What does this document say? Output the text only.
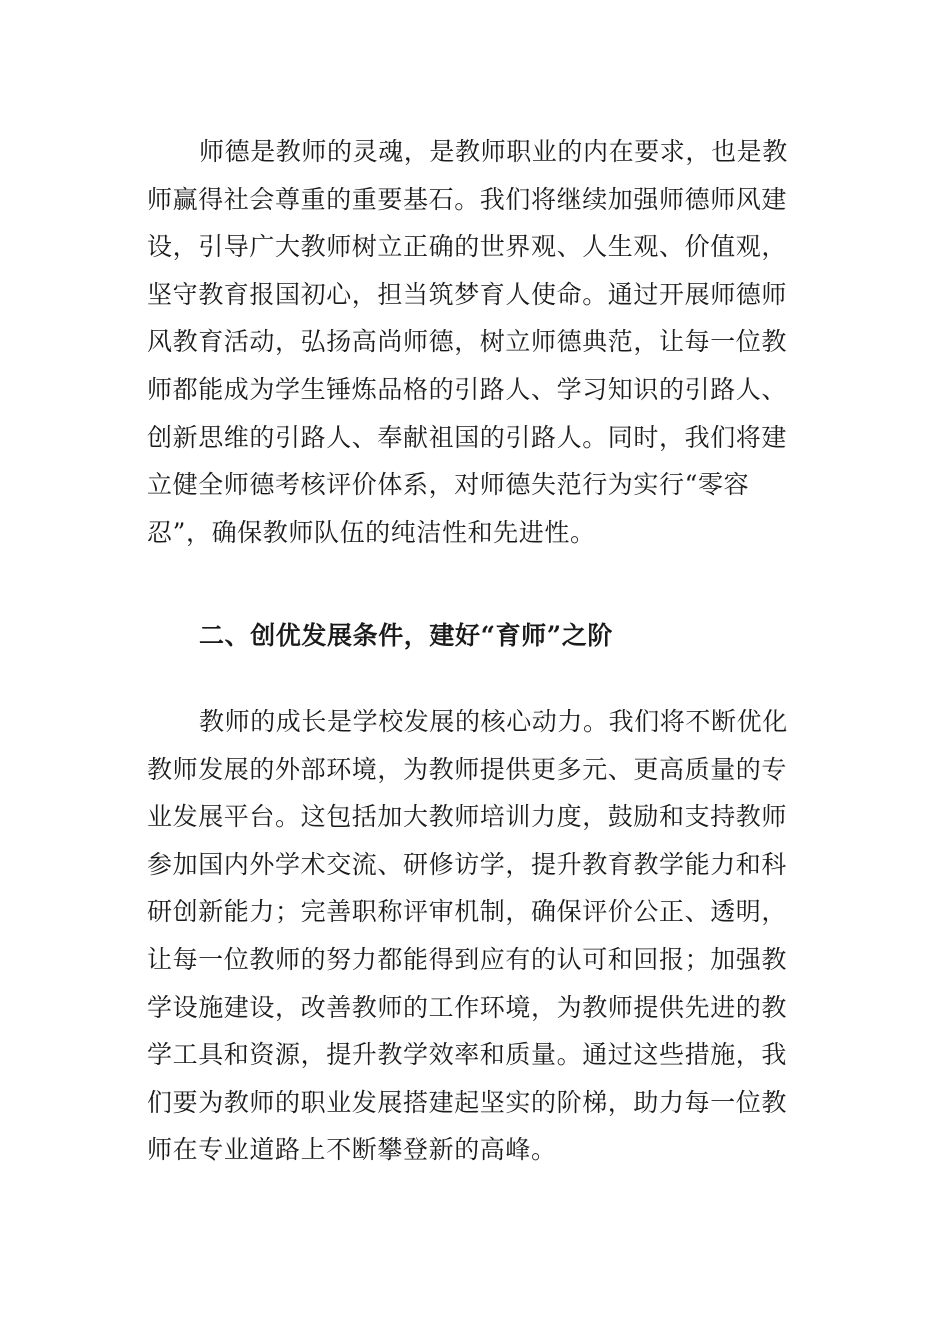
师德是教师的灵魂，是教师职业的内在要求，也是教
师赢得社会尊重的重要基石。我们将继续加强师德师风建
设，引导广大教师树立正确的世界观、人生观、价值观，
坚守教育报国初心，担当筑梦育人使命。通过开展师德师
风教育活动，弘扬高尚师德，树立师德典范，让每一位教
师都能成为学生锤炼品格的引路人、学习知识的引路人、
创新思维的引路人、奉献祖国的引路人。同时，我们将建
立健全师德考核评价体系，对师德失范行为实行“零容
忍”，确保教师队伍的纯洁性和先进性。
二、创优发展条件，建好“育师”之阶
教师的成长是学校发展的核心动力。我们将不断优化
教师发展的外部环境，为教师提供更多元、更高质量的专
业发展平台。这包括加大教师培训力度，鼓励和支持教师
参加国内外学术交流、研修访学，提升教育教学能力和科
研创新能力；完善职称评审机制，确保评价公正、透明，
让每一位教师的努力都能得到应有的认可和回报；加强教
学设施建设，改善教师的工作环境，为教师提供先进的教
学工具和资源，提升教学效率和质量。通过这些措施，我
们要为教师的职业发展搭建起坚实的阶梯，助力每一位教
师在专业道路上不断攀登新的高峰。
